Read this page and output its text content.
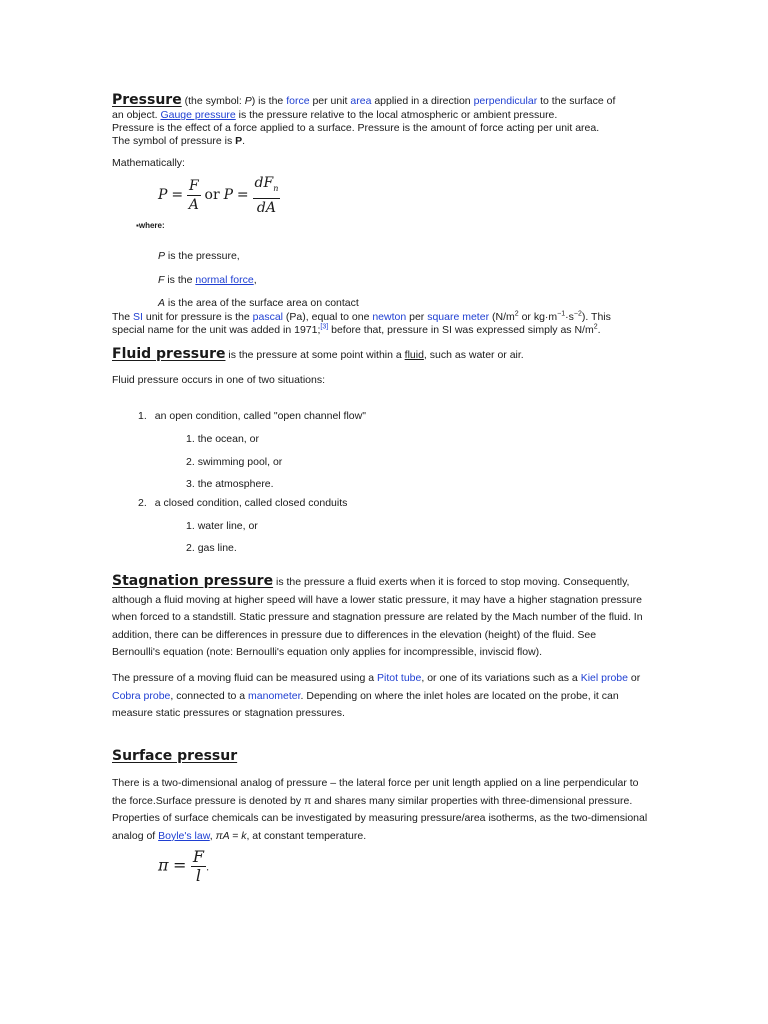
Pressure (the symbol: P) is the force per unit area applied in a direction perpendicular to the surface of

an object. Gauge pressure is the pressure relative to the local atmospheric or ambient pressure.

Pressure is the effect of a force applied to a surface. Pressure is the amount of force acting per unit area.

The symbol of pressure is P.

Mathematically:

$P = \frac{F}{A}$ or $P = \frac{dF_n}{dA}$

▪where:

P is the pressure,

F is the normal force,

A is the area of the surface area on contact

The SI unit for pressure is the pascal (Pa), equal to one newton per square meter ($N/m^2$ or $kg\cdot m^{-1}\cdot s^{-2}$). This

special name for the unit was added in 1971;[3] before that, pressure in SI was expressed simply as $N/m^2$.

Fluid pressure is the pressure at some point within a fluid, such as water or air.

Fluid pressure occurs in one of two situations:

1. an open condition, called "open channel flow"
1. the ocean, or
2. swimming pool, or
3. the atmosphere.
2. a closed condition, called closed conduits
1. water line, or
2. gas line.

Stagnation pressure is the pressure a fluid exerts when it is forced to stop moving. Consequently, although a fluid moving at higher speed will have a lower static pressure, it may have a higher stagnation pressure when forced to a standstill. Static pressure and stagnation pressure are related by the Mach number of the fluid. In addition, there can be differences in pressure due to differences in the elevation (height) of the fluid. See Bernoulli's equation (note: Bernoulli's equation only applies for incompressible, inviscid flow).

The pressure of a moving fluid can be measured using a Pitot tube, or one of its variations such as a Kiel probe or Cobra probe, connected to a manometer. Depending on where the inlet holes are located on the probe, it can measure static pressures or stagnation pressures.

Surface pressur

There is a two-dimensional analog of pressure – the lateral force per unit length applied on a line perpendicular to the force.Surface pressure is denoted by π and shares many similar properties with three-dimensional pressure. Properties of surface chemicals can be investigated by measuring pressure/area isotherms, as the two-dimensional analog of Boyle's law, πA = k, at constant temperature.

$\pi = \frac{F}{l}$ .
